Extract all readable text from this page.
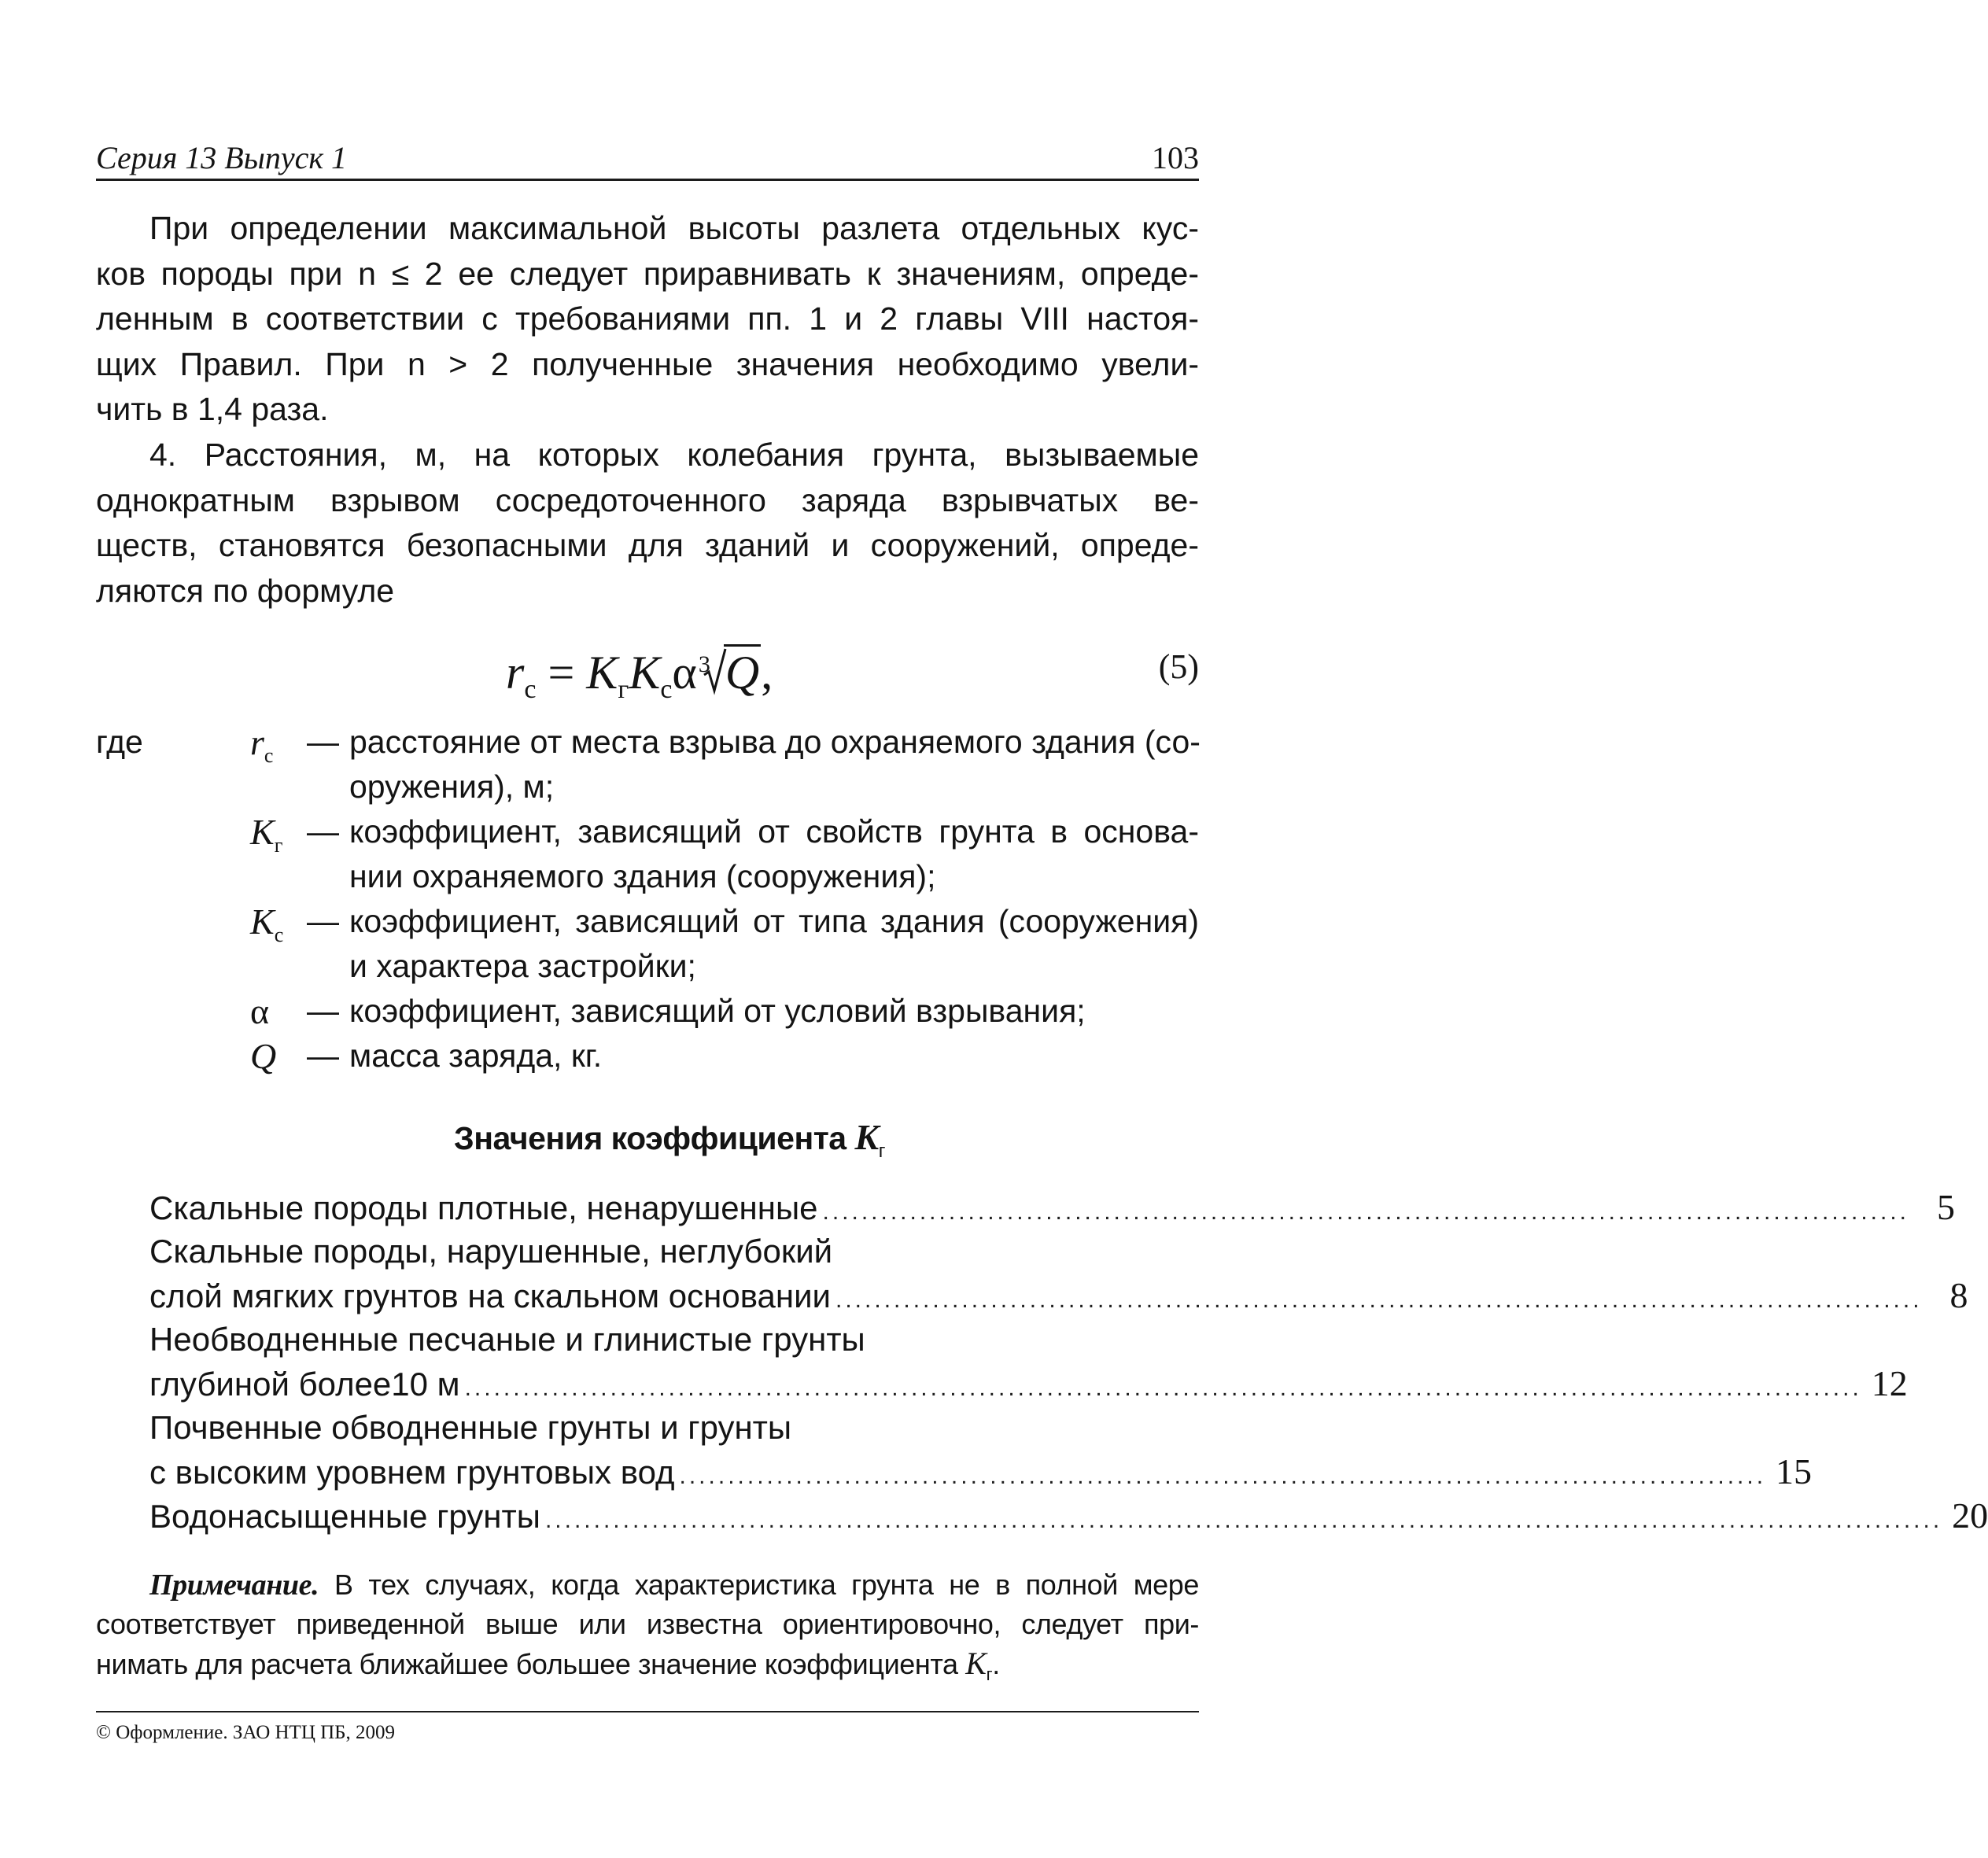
Серия 13 Выпуск 1	103
При определении максимальной высоты разлета отдельных кус-
ков породы при n ≤ 2 ее следует приравнивать к значениям, опреде-
ленным в соответствии с требованиями пп. 1 и 2 главы VIII настоя-
щих Правил. При n > 2 полученные значения необходимо увели-
чить в 1,4 раза.
4. Расстояния, м, на которых колебания грунта, вызываемые
однократным взрывом сосредоточенного заряда взрывчатых ве-
ществ, становятся безопасными для зданий и сооружений, опреде-
ляются по формуле
$r_с = K_гK_с\alpha$ 3 Q,	(5)
где	$r_с$ — расстояние от места взрыва до охраняемого здания (со-
оружения), м;
$K_г$ — коэффициент, зависящий от свойств грунта в основа-
нии охраняемого здания (сооружения);
$K_с$ — коэффициент, зависящий от типа здания (сооружения)
и характера застройки;
α — коэффициент, зависящий от условий взрывания;
Q — масса заряда, кг.
Значения коэффициента $K_г$
Скальные породы плотные, ненарушенные ................................................................................................................ 5
Скальные породы, нарушенные, неглубокий
слой мягких грунтов на скальном основании ................................................................................................................ 8
Необводненные песчаные и глинистые грунты
глубиной более10 м ................................................................................................................................................ 12
Почвенные обводненные грунты и грунты
с высоким уровнем грунтовых вод ................................................................................................................ 15
Водонасыщенные грунты ................................................................................................................................................ 20
Примечание. В тех случаях, когда характеристика грунта не в полной мере
соответствует приведенной выше или известна ориентировочно, следует при-
нимать для расчета ближайшее большее значение коэффициента $K_г$.
© Оформление. ЗАО НТЦ ПБ, 2009
